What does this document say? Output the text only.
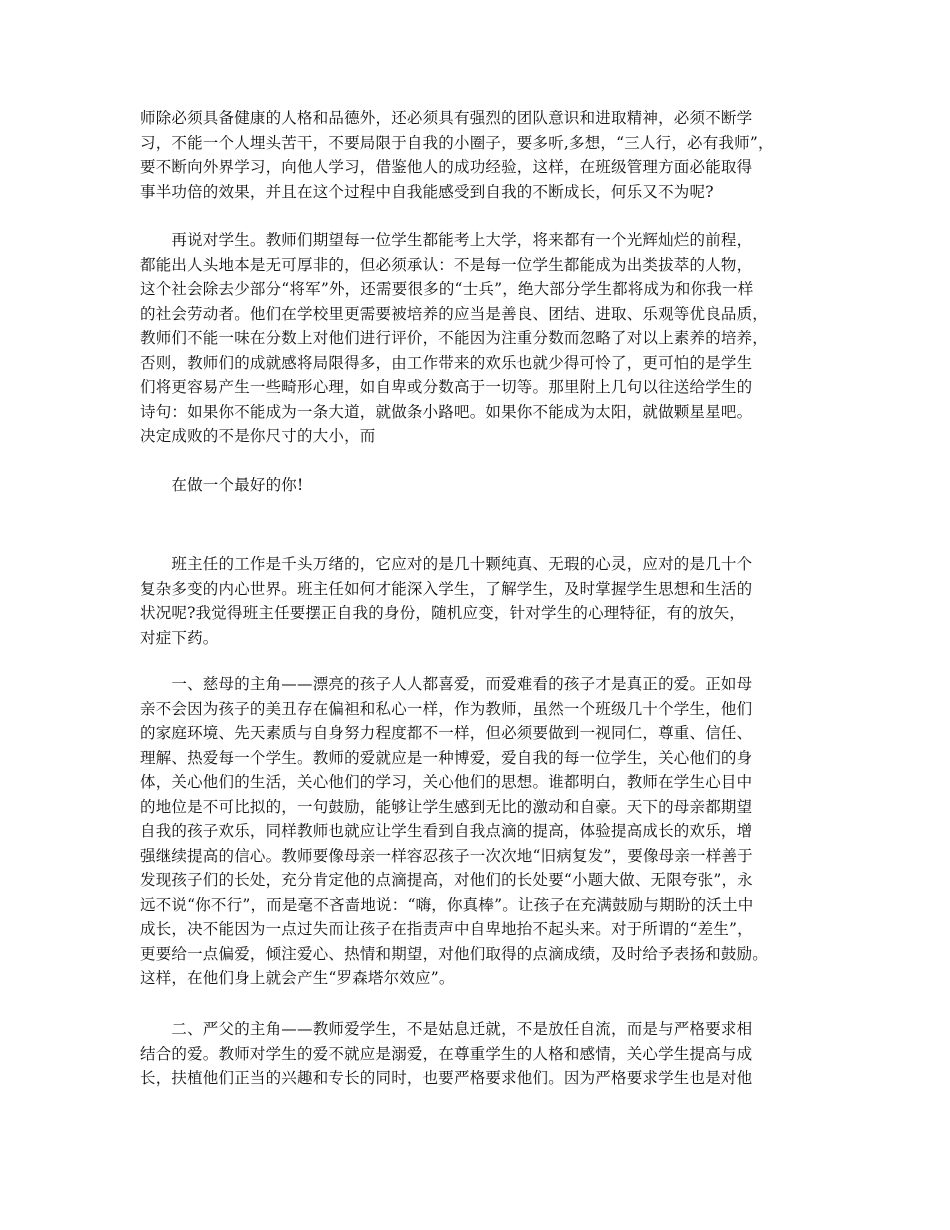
师除必须具备健康的人格和品德外，还必须具有强烈的团队意识和进取精神，必须不断学
习，不能一个人埋头苦干，不要局限于自我的小圈子，要多听,多想，“三人行，必有我师”，
要不断向外界学习，向他人学习，借鉴他人的成功经验，这样，在班级管理方面必能取得
事半功倍的效果，并且在这个过程中自我能感受到自我的不断成长，何乐又不为呢?
　　再说对学生。教师们期望每一位学生都能考上大学，将来都有一个光辉灿烂的前程，
都能出人头地本是无可厚非的，但必须承认：不是每一位学生都能成为出类拔萃的人物，
这个社会除去少部分“将军”外，还需要很多的“士兵”，绝大部分学生都将成为和你我一样
的社会劳动者。他们在学校里更需要被培养的应当是善良、团结、进取、乐观等优良品质，
教师们不能一味在分数上对他们进行评价，不能因为注重分数而忽略了对以上素养的培养，
否则，教师们的成就感将局限得多，由工作带来的欢乐也就少得可怜了，更可怕的是学生
们将更容易产生一些畸形心理，如自卑或分数高于一切等。那里附上几句以往送给学生的
诗句：如果你不能成为一条大道，就做条小路吧。如果你不能成为太阳，就做颗星星吧。
决定成败的不是你尺寸的大小，而
　　在做一个最好的你!
　　班主任的工作是千头万绪的，它应对的是几十颗纯真、无瑕的心灵，应对的是几十个
复杂多变的内心世界。班主任如何才能深入学生，了解学生，及时掌握学生思想和生活的
状况呢?我觉得班主任要摆正自我的身份，随机应变，针对学生的心理特征，有的放矢，
对症下药。
　　一、慈母的主角——漂亮的孩子人人都喜爱，而爱难看的孩子才是真正的爱。正如母
亲不会因为孩子的美丑存在偏袒和私心一样，作为教师，虽然一个班级几十个学生，他们
的家庭环境、先天素质与自身努力程度都不一样，但必须要做到一视同仁，尊重、信任、
理解、热爱每一个学生。教师的爱就应是一种博爱，爱自我的每一位学生，关心他们的身
体，关心他们的生活，关心他们的学习，关心他们的思想。谁都明白，教师在学生心目中
的地位是不可比拟的，一句鼓励，能够让学生感到无比的激动和自豪。天下的母亲都期望
自我的孩子欢乐，同样教师也就应让学生看到自我点滴的提高，体验提高成长的欢乐，增
强继续提高的信心。教师要像母亲一样容忍孩子一次次地“旧病复发”，要像母亲一样善于
发现孩子们的长处，充分肯定他的点滴提高，对他们的长处要“小题大做、无限夸张”，永
远不说“你不行”，而是毫不吝啬地说：“嗨，你真棒”。让孩子在充满鼓励与期盼的沃土中
成长，决不能因为一点过失而让孩子在指责声中自卑地抬不起头来。对于所谓的“差生”，
更要给一点偏爱，倾注爱心、热情和期望，对他们取得的点滴成绩，及时给予表扬和鼓励。
这样，在他们身上就会产生“罗森塔尔效应”。
　　二、严父的主角——教师爱学生，不是姑息迁就，不是放任自流，而是与严格要求相
结合的爱。教师对学生的爱不就应是溺爱，在尊重学生的人格和感情，关心学生提高与成
长，扶植他们正当的兴趣和专长的同时，也要严格要求他们。因为严格要求学生也是对他
